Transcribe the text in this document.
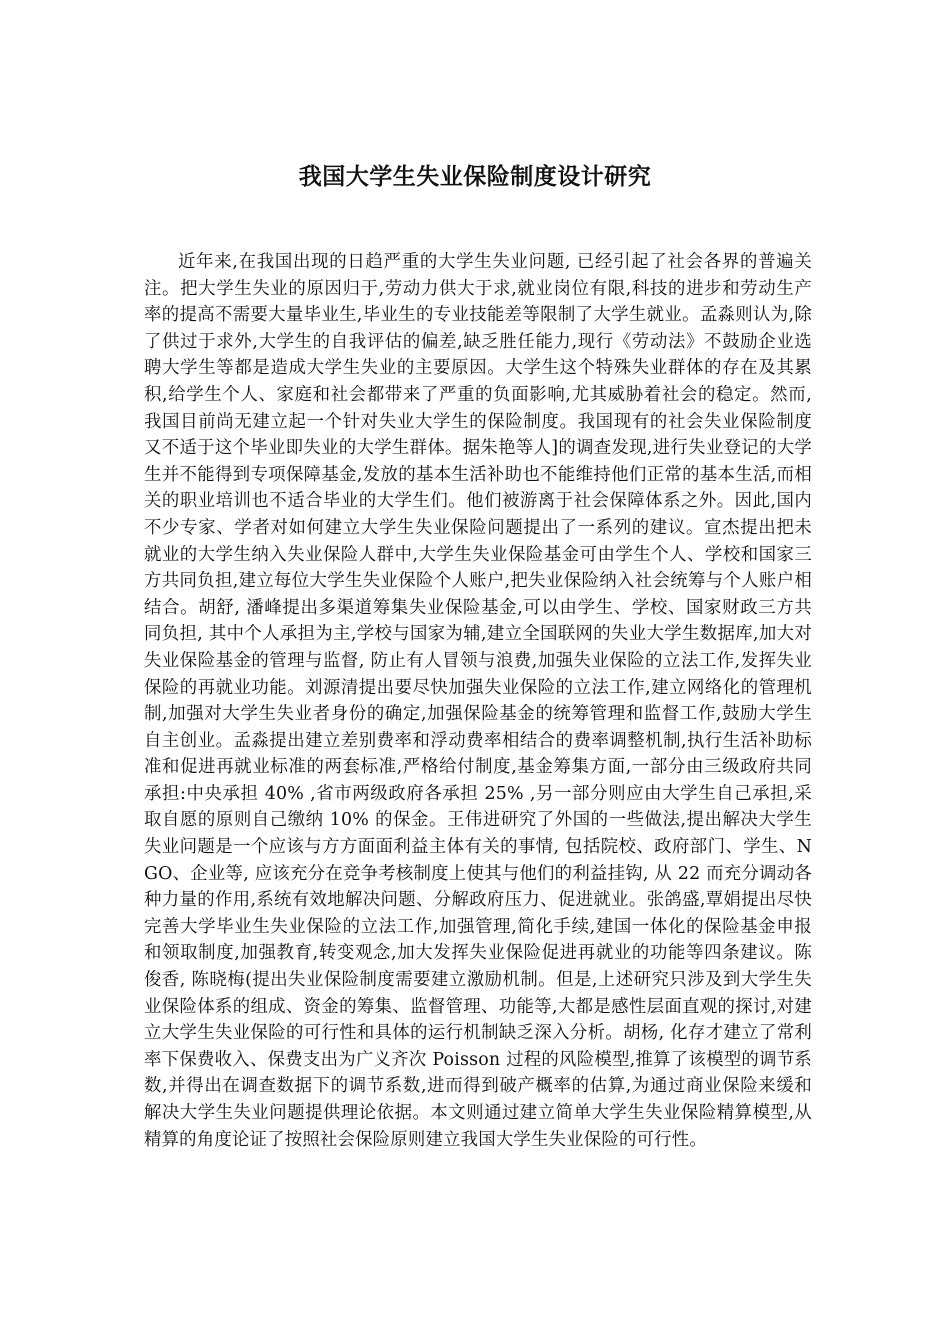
我国大学生失业保险制度设计研究

近年来,在我国出现的日趋严重的大学生失业问题, 已经引起了社会各界的普遍关注。把大学生失业的原因归于,劳动力供大于求,就业岗位有限,科技的进步和劳动生产率的提高不需要大量毕业生,毕业生的专业技能差等限制了大学生就业。孟淼则认为,除了供过于求外,大学生的自我评估的偏差,缺乏胜任能力,现行《劳动法》不鼓励企业选聘大学生等都是造成大学生失业的主要原因。大学生这个特殊失业群体的存在及其累积,给学生个人、家庭和社会都带来了严重的负面影响,尤其威胁着社会的稳定。然而,我国目前尚无建立起一个针对失业大学生的保险制度。我国现有的社会失业保险制度又不适于这个毕业即失业的大学生群体。据朱艳等人]的调查发现,进行失业登记的大学生并不能得到专项保障基金,发放的基本生活补助也不能维持他们正常的基本生活,而相关的职业培训也不适合毕业的大学生们。他们被游离于社会保障体系之外。因此,国内不少专家、学者对如何建立大学生失业保险问题提出了一系列的建议。宣杰提出把未就业的大学生纳入失业保险人群中,大学生失业保险基金可由学生个人、学校和国家三方共同负担,建立每位大学生失业保险个人账户,把失业保险纳入社会统筹与个人账户相结合。胡舒, 潘峰提出多渠道筹集失业保险基金,可以由学生、学校、国家财政三方共同负担, 其中个人承担为主,学校与国家为辅,建立全国联网的失业大学生数据库,加大对失业保险基金的管理与监督, 防止有人冒领与浪费,加强失业保险的立法工作,发挥失业保险的再就业功能。刘源清提出要尽快加强失业保险的立法工作,建立网络化的管理机制,加强对大学生失业者身份的确定,加强保险基金的统筹管理和监督工作,鼓励大学生自主创业。孟淼提出建立差别费率和浮动费率相结合的费率调整机制,执行生活补助标准和促进再就业标准的两套标准,严格给付制度,基金筹集方面,一部分由三级政府共同承担:中央承担 40% ,省市两级政府各承担 25% ,另一部分则应由大学生自己承担,采取自愿的原则自己缴纳 10% 的保金。王伟进研究了外国的一些做法,提出解决大学生失业问题是一个应该与方方面面利益主体有关的事情, 包括院校、政府部门、学生、NGO、企业等, 应该充分在竞争考核制度上使其与他们的利益挂钩, 从 22 而充分调动各种力量的作用,系统有效地解决问题、分解政府压力、促进就业。张鸽盛,覃娟提出尽快完善大学毕业生失业保险的立法工作,加强管理,简化手续,建国一体化的保险基金申报和领取制度,加强教育,转变观念,加大发挥失业保险促进再就业的功能等四条建议。陈俊香, 陈晓梅(提出失业保险制度需要建立激励机制。但是,上述研究只涉及到大学生失业保险体系的组成、资金的筹集、监督管理、功能等,大都是感性层面直观的探讨,对建立大学生失业保险的可行性和具体的运行机制缺乏深入分析。胡杨, 化存才建立了常利率下保费收入、保费支出为广义齐次 Poisson 过程的风险模型,推算了该模型的调节系数,并得出在调查数据下的调节系数,进而得到破产概率的估算,为通过商业保险来缓和解决大学生失业问题提供理论依据。本文则通过建立简单大学生失业保险精算模型,从精算的角度论证了按照社会保险原则建立我国大学生失业保险的可行性。
